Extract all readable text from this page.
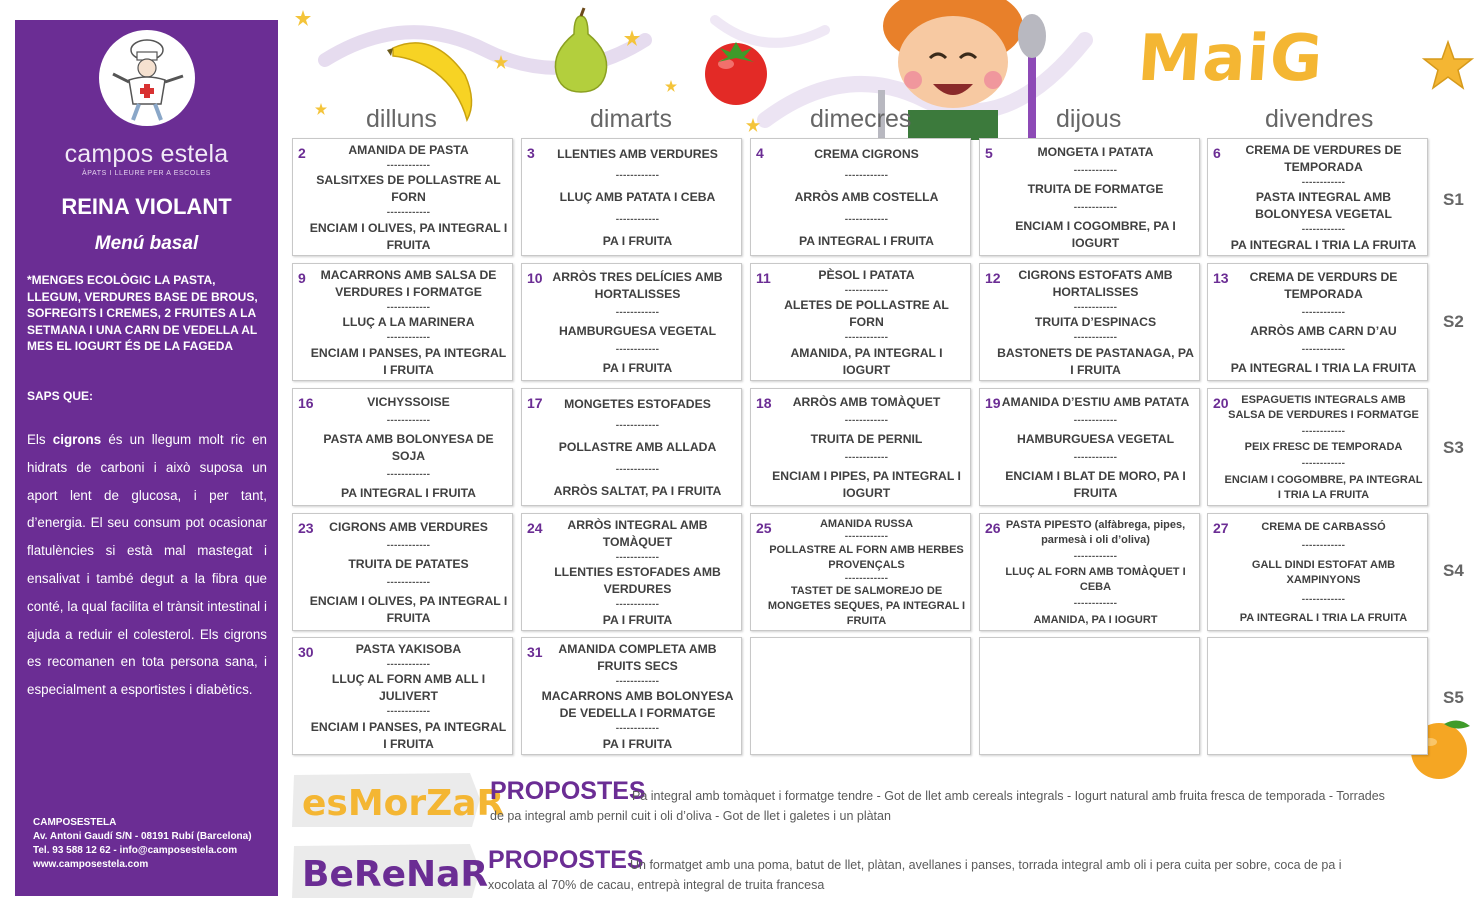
campos estela
ÀPATS I LLEURE PER A ESCOLES
REINA VIOLANT
Menú basal
*MENGES ECOLÒGIC LA PASTA, LLEGUM, VERDURES BASE DE BROUS, SOFREGITS I CREMES, 2 FRUITES A LA SETMANA I UNA CARN DE VEDELLA AL MES EL IOGURT ÉS DE LA FAGEDA
SAPS QUE:
Els cigrons és un llegum molt ric en hidrats de carboni i això suposa un aport lent de glucosa, i per tant, d’energia. El seu consum pot ocasionar flatulències si està mal mastegat i ensalivat i també degut a la fibra que conté, la qual facilita el trànsit intestinal i ajuda a reduir el colesterol. Els cigrons es recomanen en tota persona sana, i especialment a esportistes i diabètics.
CAMPOSESTELA
Av. Antoni Gaudí S/N - 08191 Rubí (Barcelona)
Tel. 93 588 12 62 - info@camposestela.com
www.camposestela.com
MaiG
dilluns	dimarts	dimecres	dijous	divendres
2	AMANIDA DE PASTA
------------
SALSITXES DE POLLASTRE AL FORN
------------
ENCIAM I OLIVES, PA INTEGRAL I FRUITA
3 LLENTIES AMB VERDURES
------------
LLUÇ AMB PATATA I CEBA
------------
PA I FRUITA
4	CREMA CIGRONS
------------
ARRÒS AMB COSTELLA
------------
PA INTEGRAL I FRUITA
5	MONGETA I PATATA
------------
TRUITA DE FORMATGE
------------
ENCIAM I COGOMBRE, PA I IOGURT
6	CREMA DE VERDURES DE TEMPORADA
------------
PASTA INTEGRAL AMB BOLONYESA VEGETAL
------------
PA INTEGRAL I TRIA LA FRUITA
9	MACARRONS AMB SALSA DE VERDURES I FORMATGE
------------
LLUÇ A LA MARINERA
------------
ENCIAM I PANSES, PA INTEGRAL I FRUITA
10 ARRÒS TRES DELÍCIES AMB HORTALISSES
------------
HAMBURGUESA VEGETAL
------------
PA I FRUITA
11	PÈSOL I PATATA
------------
ALETES DE POLLASTRE AL FORN
------------
AMANIDA, PA INTEGRAL I IOGURT
12	CIGRONS ESTOFATS AMB HORTALISSES
------------
TRUITA D’ESPINACS
------------
BASTONETS DE PASTANAGA, PA I FRUITA
13	CREMA DE VERDURS DE TEMPORADA
------------
ARRÒS AMB CARN D’AU
------------
PA INTEGRAL I TRIA LA FRUITA
16	VICHYSSOISE
------------
PASTA AMB BOLONYESA DE SOJA
------------
PA INTEGRAL I FRUITA
17 MONGETES ESTOFADES
------------
POLLASTRE AMB ALLADA
------------
ARRÒS SALTAT, PA I FRUITA
18 ARRÒS AMB TOMÀQUET
------------
TRUITA DE PERNIL
------------
ENCIAM I PIPES, PA INTEGRAL I IOGURT
19 AMANIDA D’ESTIU AMB PATATA
------------
HAMBURGUESA VEGETAL
------------
ENCIAM I BLAT DE MORO, PA I FRUITA
20	ESPAGUETIS INTEGRALS AMB SALSA DE VERDURES I FORMATGE
------------
PEIX FRESC DE TEMPORADA
------------
ENCIAM I COGOMBRE, PA INTEGRAL I TRIA LA FRUITA
23 CIGRONS AMB VERDURES
------------
TRUITA DE PATATES
------------
ENCIAM I OLIVES, PA INTEGRAL I FRUITA
24	ARRÒS INTEGRAL AMB TOMÀQUET
------------
LLENTIES ESTOFADES AMB VERDURES
------------
PA I FRUITA
25	AMANIDA RUSSA
------------
POLLASTRE AL FORN AMB HERBES PROVENÇALS
------------
TASTET DE SALMOREJO DE MONGETES SEQUES, PA INTEGRAL I FRUITA
26 PASTA PIPESTO (alfàbrega, pipes, parmesà i oli d’oliva)
------------
LLUÇ AL FORN AMB TOMÀQUET I CEBA
------------
AMANIDA, PA I IOGURT
27	CREMA DE CARBASSÓ
------------
GALL DINDI ESTOFAT AMB XAMPINYONS
------------
PA INTEGRAL I TRIA LA FRUITA
30	PASTA YAKISOBA
------------
LLUÇ AL FORN AMB ALL I JULIVERT
------------
ENCIAM I PANSES, PA INTEGRAL I FRUITA
31	AMANIDA COMPLETA AMB FRUITS SECS
------------
MACARRONS AMB BOLONYESA DE VEDELLA I FORMATGE
------------
PA I FRUITA
S1
S2
S3
S4
S5
esMorZaR
PROPOSTES
Pa integral amb tomàquet i formatge tendre - Got de llet amb cereals integrals - Iogurt natural amb fruita fresca de temporada - Torrades
de pa integral amb pernil cuit i oli d’oliva - Got de llet i galetes i un plàtan
BeReNaR PROPOSTES
Un formatget amb una poma, batut de llet, plàtan, avellanes i panses, torrada integral amb oli i pera cuita per sobre, coca de pa i
xocolata al 70% de cacau, entrepà integral de truita francesa
